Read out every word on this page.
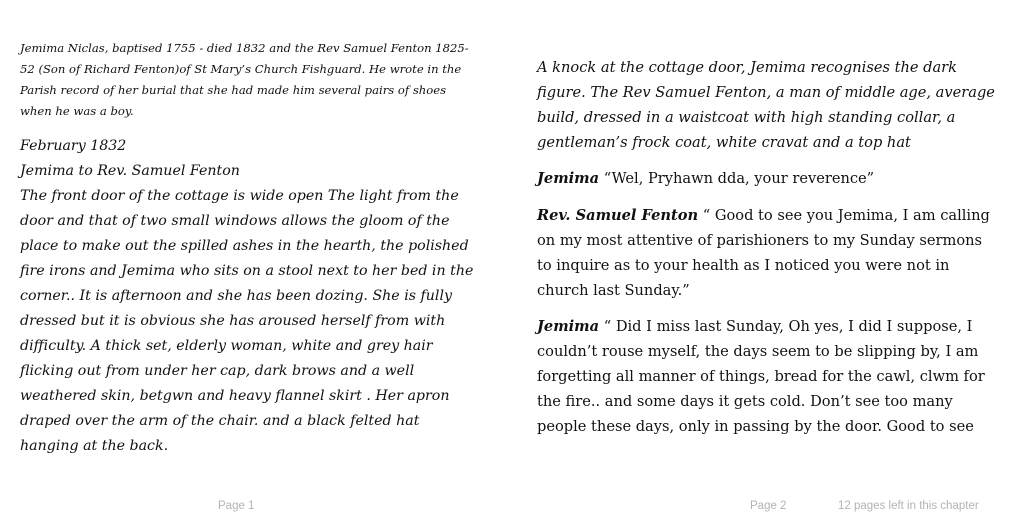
Jemima Niclas, baptised 1755 - died 1832 and the Rev Samuel Fenton 1825-52 (Son of Richard Fenton)of St Mary’s Church Fishguard. He wrote in the Parish record of her burial that she had made him several pairs of shoes when he was a boy.

February 1832

Jemima to Rev. Samuel Fenton

The front door of the cottage is wide open The light from the door and that of two small windows allows the gloom of the place to make out the spilled ashes in the hearth, the polished fire irons and Jemima who sits on a stool next to her bed in the corner.. It is afternoon and she has been dozing. She is fully dressed but it is obvious she has aroused herself from with difficulty. A thick set, elderly woman, white and grey hair flicking out from under her cap, dark brows and a well weathered skin, betgwn and heavy flannel skirt . Her apron draped over the arm of the chair. and a black felted hat hanging at the back.

A knock at the cottage door, Jemima recognises the dark figure. The Rev Samuel Fenton, a man of middle age, average build, dressed in a waistcoat with high standing collar, a gentleman’s frock coat, white cravat and a top hat

Jemima “Wel, Pryhawn dda, your reverence”

Rev. Samuel Fenton “ Good to see you Jemima, I am calling on my most attentive of parishioners to my Sunday sermons to inquire as to your health as I noticed you were not in church last Sunday.”

Jemima “ Did I miss last Sunday, Oh yes, I did I suppose, I couldn’t rouse myself, the days seem to be slipping by, I am forgetting all manner of things, bread for the cawl, clwm for the fire.. and some days it gets cold. Don’t see too many people these days, only in passing by the door. Good to see

Page 1	Page 2	12 pages left in this chapter
